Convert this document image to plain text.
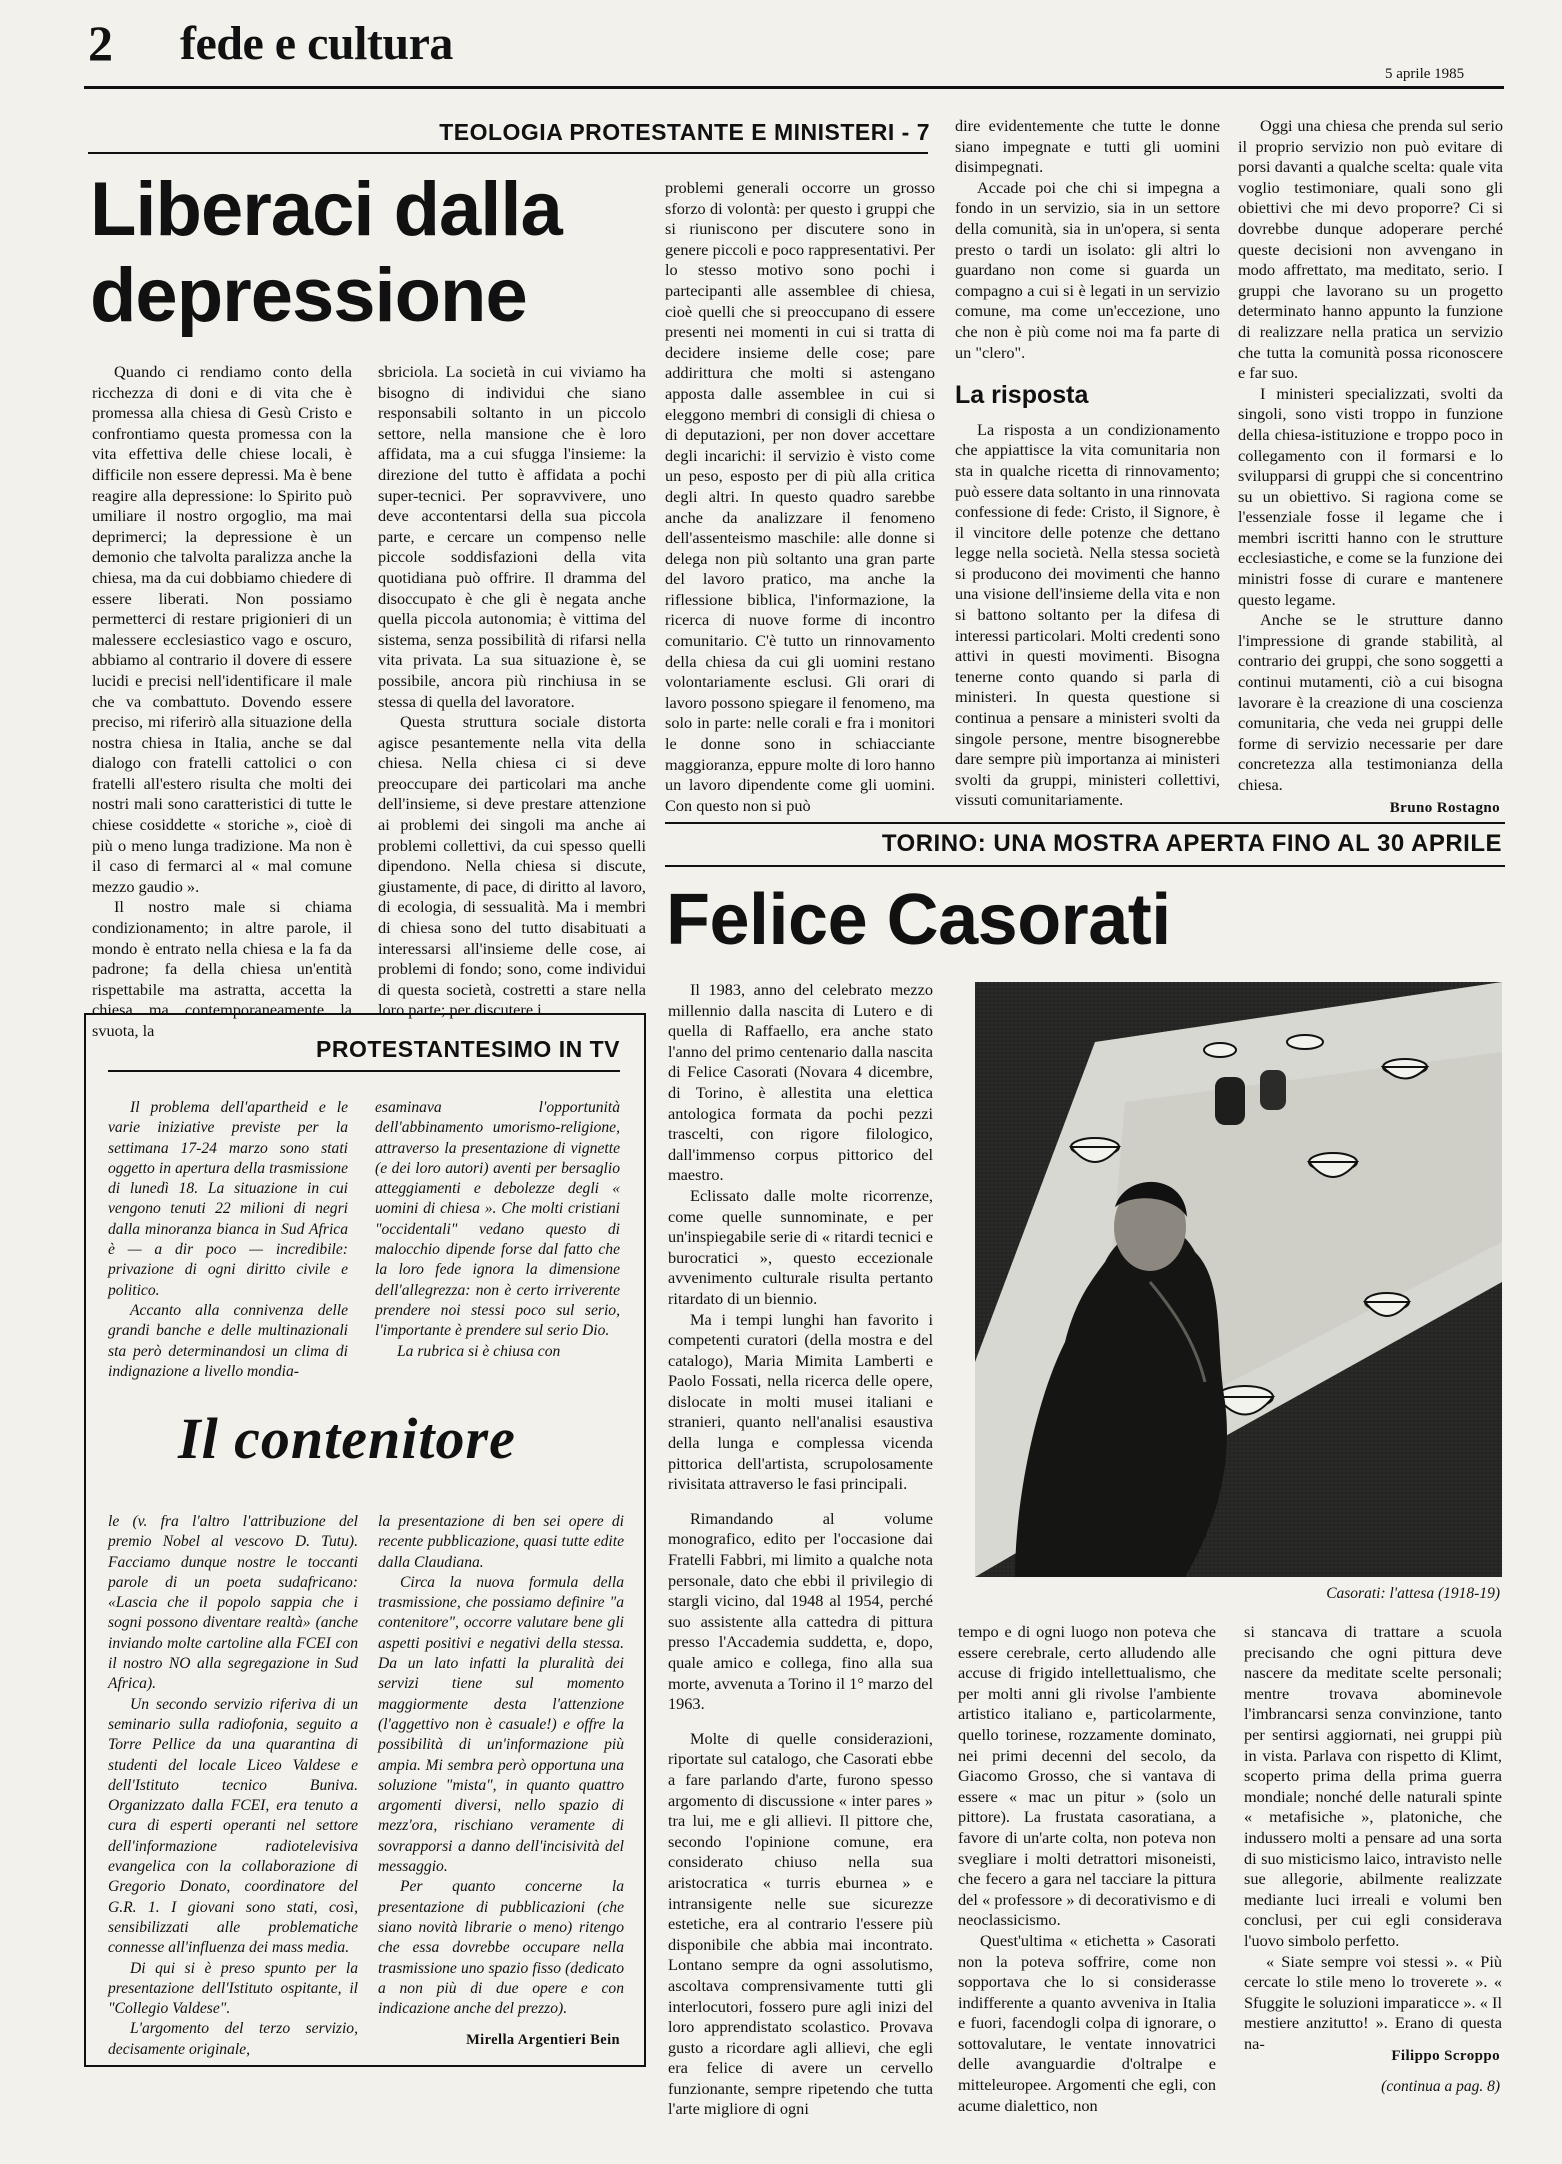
2 fede e cultura
5 aprile 1985
TEOLOGIA PROTESTANTE E MINISTERI - 7
Liberaci dalla
depressione

Quando ci rendiamo conto della ricchezza di doni e di vita che è promessa alla chiesa di Gesù Cristo e confrontiamo questa promessa con la vita effettiva delle chiese locali, è difficile non essere depressi. Ma è bene reagire alla depressione: lo Spirito può umiliare il nostro orgoglio, ma mai deprimerci; la depressione è un demonio che talvolta paralizza anche la chiesa, ma da cui dobbiamo chiedere di essere liberati. Non possiamo permetterci di restare prigionieri di un malessere ecclesiastico vago e oscuro, abbiamo al contrario il dovere di essere lucidi e precisi nell'identificare il male che va combattuto. Dovendo essere preciso, mi riferirò alla situazione della nostra chiesa in Italia, anche se dal dialogo con fratelli cattolici o con fratelli all'estero risulta che molti dei nostri mali sono caratteristici di tutte le chiese cosiddette « storiche », cioè di più o meno lunga tradizione. Ma non è il caso di fermarci al « mal comune mezzo gaudio ».

Il nostro male si chiama condizionamento; in altre parole, il mondo è entrato nella chiesa e la fa da padrone; fa della chiesa un'entità rispettabile ma astratta, accetta la chiesa ma contemporaneamente la svuota, la

sbriciola. La società in cui viviamo ha bisogno di individui che siano responsabili soltanto in un piccolo settore, nella mansione che è loro affidata, ma a cui sfugga l'insieme: la direzione del tutto è affidata a pochi super-tecnici. Per sopravvivere, uno deve accontentarsi della sua piccola parte, e cercare un compenso nelle piccole soddisfazioni della vita quotidiana può offrire. Il dramma del disoccupato è che gli è negata anche quella piccola autonomia; è vittima del sistema, senza possibilità di rifarsi nella vita privata. La sua situazione è, se possibile, ancora più rinchiusa in se stessa di quella del lavoratore.

Questa struttura sociale distorta agisce pesantemente nella vita della chiesa. Nella chiesa ci si deve preoccupare dei particolari ma anche dell'insieme, si deve prestare attenzione ai problemi dei singoli ma anche ai problemi collettivi, da cui spesso quelli dipendono. Nella chiesa si discute, giustamente, di pace, di diritto al lavoro, di ecologia, di sessualità. Ma i membri di chiesa sono del tutto disabituati a interessarsi all'insieme delle cose, ai problemi di fondo; sono, come individui di questa società, costretti a stare nella loro parte; per discutere i

problemi generali occorre un grosso sforzo di volontà: per questo i gruppi che si riuniscono per discutere sono in genere piccoli e poco rappresentativi. Per lo stesso motivo sono pochi i partecipanti alle assemblee di chiesa, cioè quelli che si preoccupano di essere presenti nei momenti in cui si tratta di decidere insieme delle cose; pare addirittura che molti si astengano apposta dalle assemblee in cui si eleggono membri di consigli di chiesa o di deputazioni, per non dover accettare degli incarichi: il servizio è visto come un peso, esposto per di più alla critica degli altri. In questo quadro sarebbe anche da analizzare il fenomeno dell'assenteismo maschile: alle donne si delega non più soltanto una gran parte del lavoro pratico, ma anche la riflessione biblica, l'informazione, la ricerca di nuove forme di incontro comunitario. C'è tutto un rinnovamento della chiesa da cui gli uomini restano volontariamente esclusi. Gli orari di lavoro possono spiegare il fenomeno, ma solo in parte: nelle corali e fra i monitori le donne sono in schiacciante maggioranza, eppure molte di loro hanno un lavoro dipendente come gli uomini. Con questo non si può

dire evidentemente che tutte le donne siano impegnate e tutti gli uomini disimpegnati.

Accade poi che chi si impegna a fondo in un servizio, sia in un settore della comunità, sia in un'opera, si senta presto o tardi un isolato: gli altri lo guardano non come si guarda un compagno a cui si è legati in un servizio comune, ma come un'eccezione, uno che non è più come noi ma fa parte di un "clero".

La risposta

La risposta a un condizionamento che appiattisce la vita comunitaria non sta in qualche ricetta di rinnovamento; può essere data soltanto in una rinnovata confessione di fede: Cristo, il Signore, è il vincitore delle potenze che dettano legge nella società. Nella stessa società si producono dei movimenti che hanno una visione dell'insieme della vita e non si battono soltanto per la difesa di interessi particolari. Molti credenti sono attivi in questi movimenti. Bisogna tenerne conto quando si parla di ministeri. In questa questione si continua a pensare a ministeri svolti da singole persone, mentre bisognerebbe dare sempre più importanza ai ministeri svolti da gruppi, ministeri collettivi, vissuti comunitariamente.

Oggi una chiesa che prenda sul serio il proprio servizio non può evitare di porsi davanti a qualche scelta: quale vita voglio testimoniare, quali sono gli obiettivi che mi devo proporre? Ci si dovrebbe dunque adoperare perché queste decisioni non avvengano in modo affrettato, ma meditato, serio. I gruppi che lavorano su un progetto determinato hanno appunto la funzione di realizzare nella pratica un servizio che tutta la comunità possa riconoscere e far suo.

I ministeri specializzati, svolti da singoli, sono visti troppo in funzione della chiesa-istituzione e troppo poco in collegamento con il formarsi e lo svilupparsi di gruppi che si concentrino su un obiettivo. Si ragiona come se l'essenziale fosse il legame che i membri iscritti hanno con le strutture ecclesiastiche, e come se la funzione dei ministri fosse di curare e mantenere questo legame.

Anche se le strutture danno l'impressione di grande stabilità, al contrario dei gruppi, che sono soggetti a continui mutamenti, ciò a cui bisogna lavorare è la creazione di una coscienza comunitaria, che veda nei gruppi delle forme di servizio necessarie per dare concretezza alla testimonianza della chiesa.

Bruno Rostagno
TORINO: UNA MOSTRA APERTA FINO AL 30 APRILE
Felice Casorati
PROTESTANTESIMO IN TV

Il problema dell'apartheid e le varie iniziative previste per la settimana 17-24 marzo sono stati oggetto in apertura della trasmissione di lunedì 18. La situazione in cui vengono tenuti 22 milioni di negri dalla minoranza bianca in Sud Africa è — a dir poco — incredibile: privazione di ogni diritto civile e politico.

Accanto alla connivenza delle grandi banche e delle multinazionali sta però determinandosi un clima di indignazione a livello mondia-

esaminava l'opportunità dell'abbinamento umorismo-religione, attraverso la presentazione di vignette (e dei loro autori) aventi per bersaglio atteggiamenti e debolezze degli « uomini di chiesa ». Che molti cristiani "occidentali" vedano questo di malocchio dipende forse dal fatto che la loro fede ignora la dimensione dell'allegrezza: non è certo irriverente prendere noi stessi poco sul serio, l'importante è prendere sul serio Dio.

La rubrica si è chiusa con

Il contenitore

le (v. fra l'altro l'attribuzione del premio Nobel al vescovo D. Tutu). Facciamo dunque nostre le toccanti parole di un poeta sudafricano: «Lascia che il popolo sappia che i sogni possono diventare realtà» (anche inviando molte cartoline alla FCEI con il nostro NO alla segregazione in Sud Africa).

Un secondo servizio riferiva di un seminario sulla radiofonia, seguito a Torre Pellice da una quarantina di studenti del locale Liceo Valdese e dell'Istituto tecnico Buniva. Organizzato dalla FCEI, era tenuto a cura di esperti operanti nel settore dell'informazione radiotelevisiva evangelica con la collaborazione di Gregorio Donato, coordinatore del G.R. 1. I giovani sono stati, così, sensibilizzati alle problematiche connesse all'influenza dei mass media.

Di qui si è preso spunto per la presentazione dell'Istituto ospitante, il "Collegio Valdese".

L'argomento del terzo servizio, decisamente originale,

la presentazione di ben sei opere di recente pubblicazione, quasi tutte edite dalla Claudiana.

Circa la nuova formula della trasmissione, che possiamo definire "a contenitore", occorre valutare bene gli aspetti positivi e negativi della stessa. Da un lato infatti la pluralità dei servizi tiene sul momento maggiormente desta l'attenzione (l'aggettivo non è casuale!) e offre la possibilità di un'informazione più ampia. Mi sembra però opportuna una soluzione "mista", in quanto quattro argomenti diversi, nello spazio di mezz'ora, rischiano veramente di sovrapporsi a danno dell'incisività del messaggio.

Per quanto concerne la presentazione di pubblicazioni (che siano novità librarie o meno) ritengo che essa dovrebbe occupare nella trasmissione uno spazio fisso (dedicato a non più di due opere e con indicazione anche del prezzo).

Mirella Argentieri Bein

Il 1983, anno del celebrato mezzo millennio dalla nascita di Lutero e di quella di Raffaello, era anche stato l'anno del primo centenario dalla nascita di Felice Casorati (Novara 4 dicembre, di Torino, è allestita una elettica antologica formata da pochi pezzi trascelti, con rigore filologico, dall'immenso corpus pittorico del maestro.

Eclissato dalle molte ricorrenze, come quelle sunnominate, e per un'inspiegabile serie di « ritardi tecnici e burocratici », questo eccezionale avvenimento culturale risulta pertanto ritardato di un biennio.

Ma i tempi lunghi han favorito i competenti curatori (della mostra e del catalogo), Maria Mimita Lamberti e Paolo Fossati, nella ricerca delle opere, dislocate in molti musei italiani e stranieri, quanto nell'analisi esaustiva della lunga e complessa vicenda pittorica dell'artista, scrupolosamente rivisitata attraverso le fasi principali.

Rimandando al volume monografico, edito per l'occasione dai Fratelli Fabbri, mi limito a qualche nota personale, dato che ebbi il privilegio di stargli vicino, dal 1948 al 1954, perché suo assistente alla cattedra di pittura presso l'Accademia suddetta, e, dopo, quale amico e collega, fino alla sua morte, avvenuta a Torino il 1° marzo del 1963.

Molte di quelle considerazioni, riportate sul catalogo, che Casorati ebbe a fare parlando d'arte, furono spesso argomento di discussione « inter pares » tra lui, me e gli allievi. Il pittore che, secondo l'opinione comune, era considerato chiuso nella sua aristocratica « turris eburnea » e intransigente nelle sue sicurezze estetiche, era al contrario l'essere più disponibile che abbia mai incontrato. Lontano sempre da ogni assolutismo, ascoltava comprensivamente tutti gli interlocutori, fossero pure agli inizi del loro apprendistato scolastico. Provava gusto a ricordare agli allievi, che egli era felice di avere un cervello funzionante, sempre ripetendo che tutta l'arte migliore di ogni

Casorati: l'attesa (1918-19)

tempo e di ogni luogo non poteva che essere cerebrale, certo alludendo alle accuse di frigido intellettualismo, che per molti anni gli rivolse l'ambiente artistico italiano e, particolarmente, quello torinese, rozzamente dominato, nei primi decenni del secolo, da Giacomo Grosso, che si vantava di essere « mac un pitur » (solo un pittore). La frustata casoratiana, a favore di un'arte colta, non poteva non svegliare i molti detrattori misoneisti, che fecero a gara nel tacciare la pittura del « professore » di decorativismo e di neoclassicismo.

Quest'ultima « etichetta » Casorati non la poteva soffrire, come non sopportava che lo si considerasse indifferente a quanto avveniva in Italia e fuori, facendogli colpa di ignorare, o sottovalutare, le ventate innovatrici delle avanguardie d'oltralpe e mitteleuropee. Argomenti che egli, con acume dialettico, non

si stancava di trattare a scuola precisando che ogni pittura deve nascere da meditate scelte personali; mentre trovava abominevole l'imbrancarsi senza convinzione, tanto per sentirsi aggiornati, nei gruppi più in vista. Parlava con rispetto di Klimt, scoperto prima della prima guerra mondiale; nonché delle naturali spinte « metafisiche », platoniche, che indussero molti a pensare ad una sorta di suo misticismo laico, intravisto nelle sue allegorie, abilmente realizzate mediante luci irreali e volumi ben conclusi, per cui egli considerava l'uovo simbolo perfetto.

« Siate sempre voi stessi ». « Più cercate lo stile meno lo troverete ». « Sfuggite le soluzioni imparaticce ». « Il mestiere anzitutto! ». Erano di questa na-

Filippo Scroppo
(continua a pag. 8)
